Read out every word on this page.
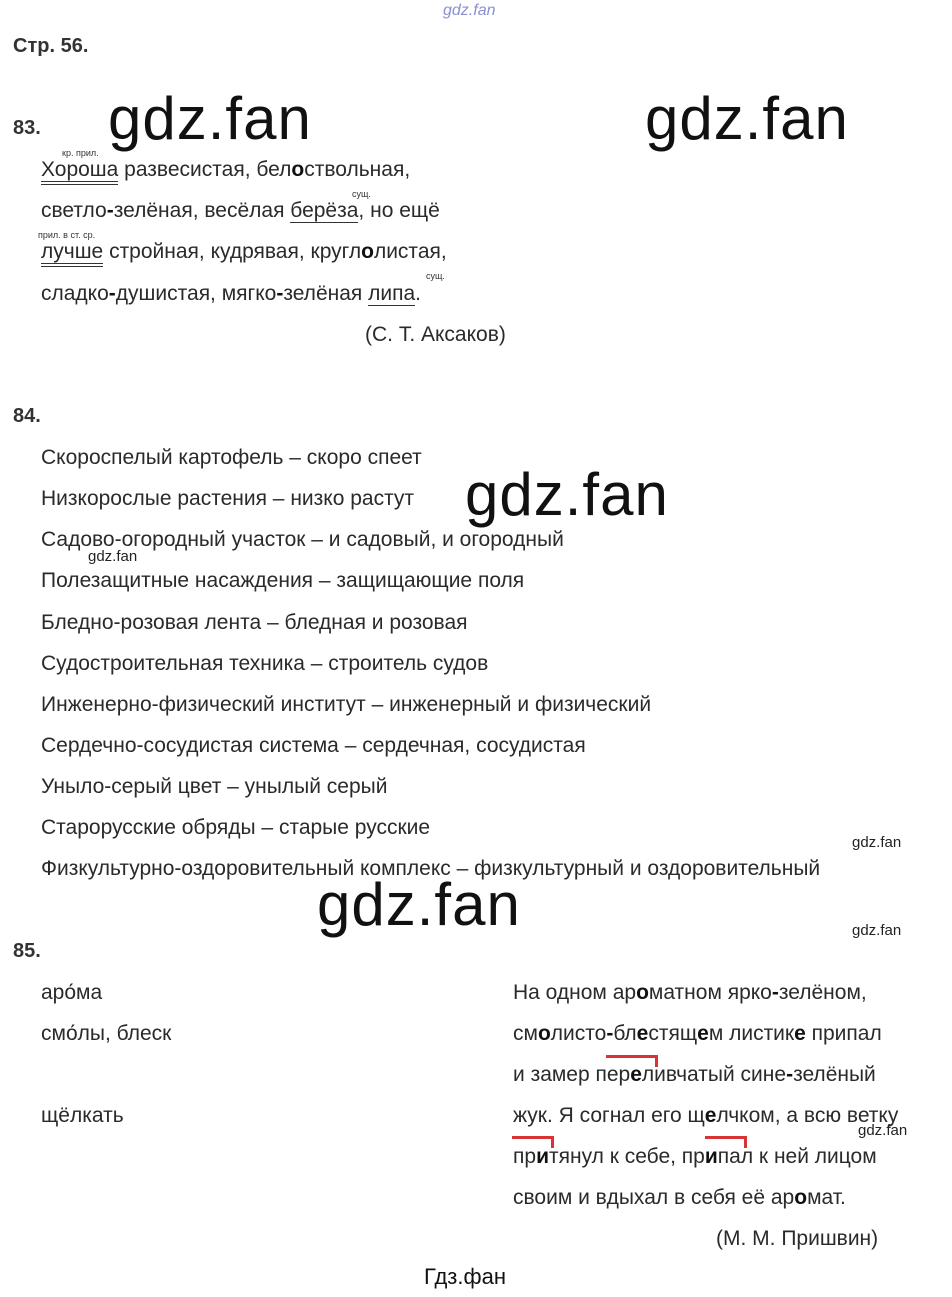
gdz.fan
Стр. 56.
gdz.fan	gdz.fan
gdz.fan
gdz.fan
gdz.fan
gdz.fan
gdz.fan
gdz.fan
83.
кр. прил.
Хороша развесистая, белоствольная,
сущ.
светло-зелёная, весёлая берёза, но ещё
прил. в ст. ср.
лучше стройная, кудрявая, круглолистая,
сущ.
сладко-душистая, мягко-зелёная липа.
(С. Т. Аксаков)
84.
Скороспелый картофель – скоро спеет
Низкорослые растения – низко растут
Садово-огородный участок – и садовый, и огородный
Полезащитные насаждения – защищающие поля
Бледно-розовая лента – бледная и розовая
Судостроительная техника – строитель судов
Инженерно-физический институт – инженерный и физический
Сердечно-сосудистая система – сердечная, сосудистая
Уныло-серый цвет – унылый серый
Старорусские обряды – старые русские
Физкультурно-оздоровительный комплекс – физкультурный и оздоровительный
85.
аро́ма
смо́лы, блеск
щёлкать
На одном ароматном ярко-зелёном,
смолисто-блестящем листике припал
и замер переливчатый сине-зелёный
жук. Я согнал его щелчком, а всю ветку
притянул к себе, припал к ней лицом
своим и вдыхал в себя её аромат.
(М. М. Пришвин)
Гдз.фан
